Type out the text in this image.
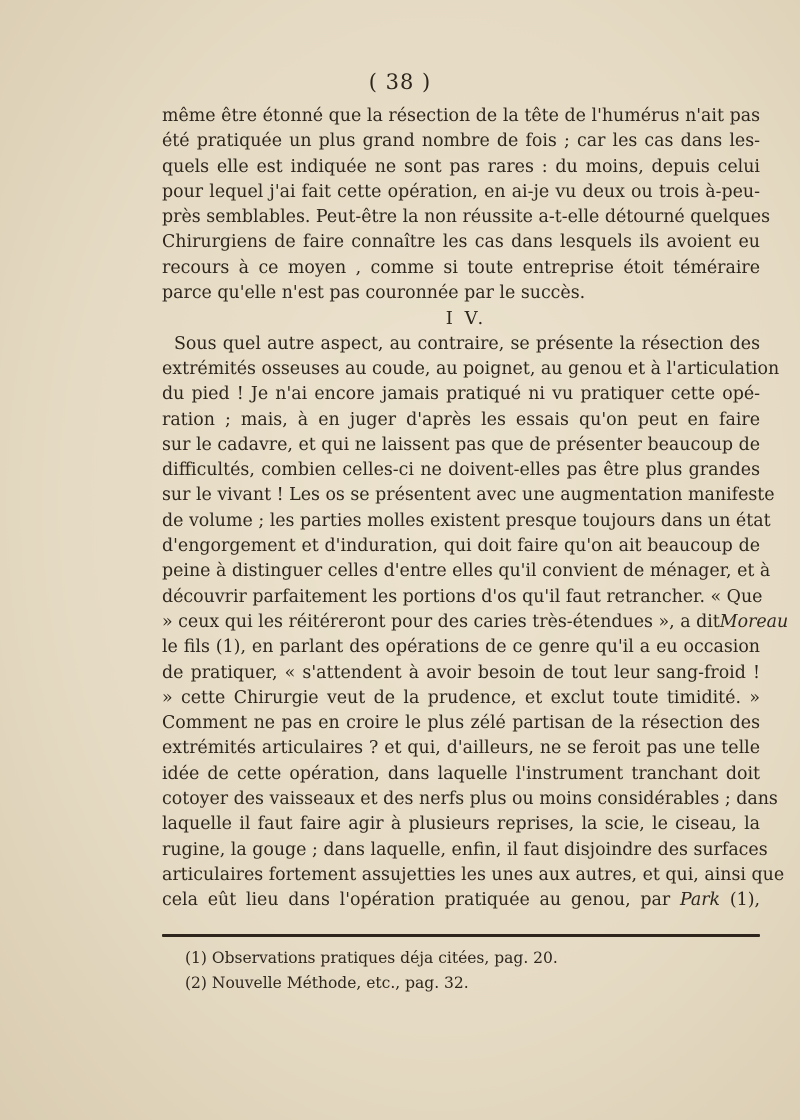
( 38 )
même être étonné que la résection de la tête de l'humérus n'ait pas
été pratiquée un plus grand nombre de fois ; car les cas dans les-
quels elle est indiquée ne sont pas rares : du moins, depuis celui
pour lequel j'ai fait cette opération, en ai-je vu deux ou trois à-peu-
près semblables. Peut-être la non réussite a-t-elle détourné quelques
Chirurgiens de faire connaître les cas dans lesquels ils avoient eu
recours à ce moyen , comme si toute entreprise étoit téméraire
parce qu'elle n'est pas couronnée par le succès.
I V.
Sous quel autre aspect, au contraire, se présente la résection des
extrémités osseuses au coude, au poignet, au genou et à l'articulation
du pied ! Je n'ai encore jamais pratiqué ni vu pratiquer cette opé-
ration ; mais, à en juger d'après les essais qu'on peut en faire
sur le cadavre, et qui ne laissent pas que de présenter beaucoup de
difficultés, combien celles-ci ne doivent-elles pas être plus grandes
sur le vivant ! Les os se présentent avec une augmentation manifeste
de volume ; les parties molles existent presque toujours dans un état
d'engorgement et d'induration, qui doit faire qu'on ait beaucoup de
peine à distinguer celles d'entre elles qu'il convient de ménager, et à
découvrir parfaitement les portions d'os qu'il faut retrancher. « Que
» ceux qui les réitéreront pour des caries très-étendues », a ditMoreau
le fils (1), en parlant des opérations de ce genre qu'il a eu occasion
de pratiquer, « s'attendent à avoir besoin de tout leur sang-froid !
» cette Chirurgie veut de la prudence, et exclut toute timidité. »
Comment ne pas en croire le plus zélé partisan de la résection des
extrémités articulaires ? et qui, d'ailleurs, ne se feroit pas une telle
idée de cette opération, dans laquelle l'instrument tranchant doit
cotoyer des vaisseaux et des nerfs plus ou moins considérables ; dans
laquelle il faut faire agir à plusieurs reprises, la scie, le ciseau, la
rugine, la gouge ; dans laquelle, enfin, il faut disjoindre des surfaces
articulaires fortement assujetties les unes aux autres, et qui, ainsi que
cela eût lieu dans l'opération pratiquée au genou, par Park (1),
(1) Observations pratiques déja citées, pag. 20.
(2) Nouvelle Méthode, etc., pag. 32.
